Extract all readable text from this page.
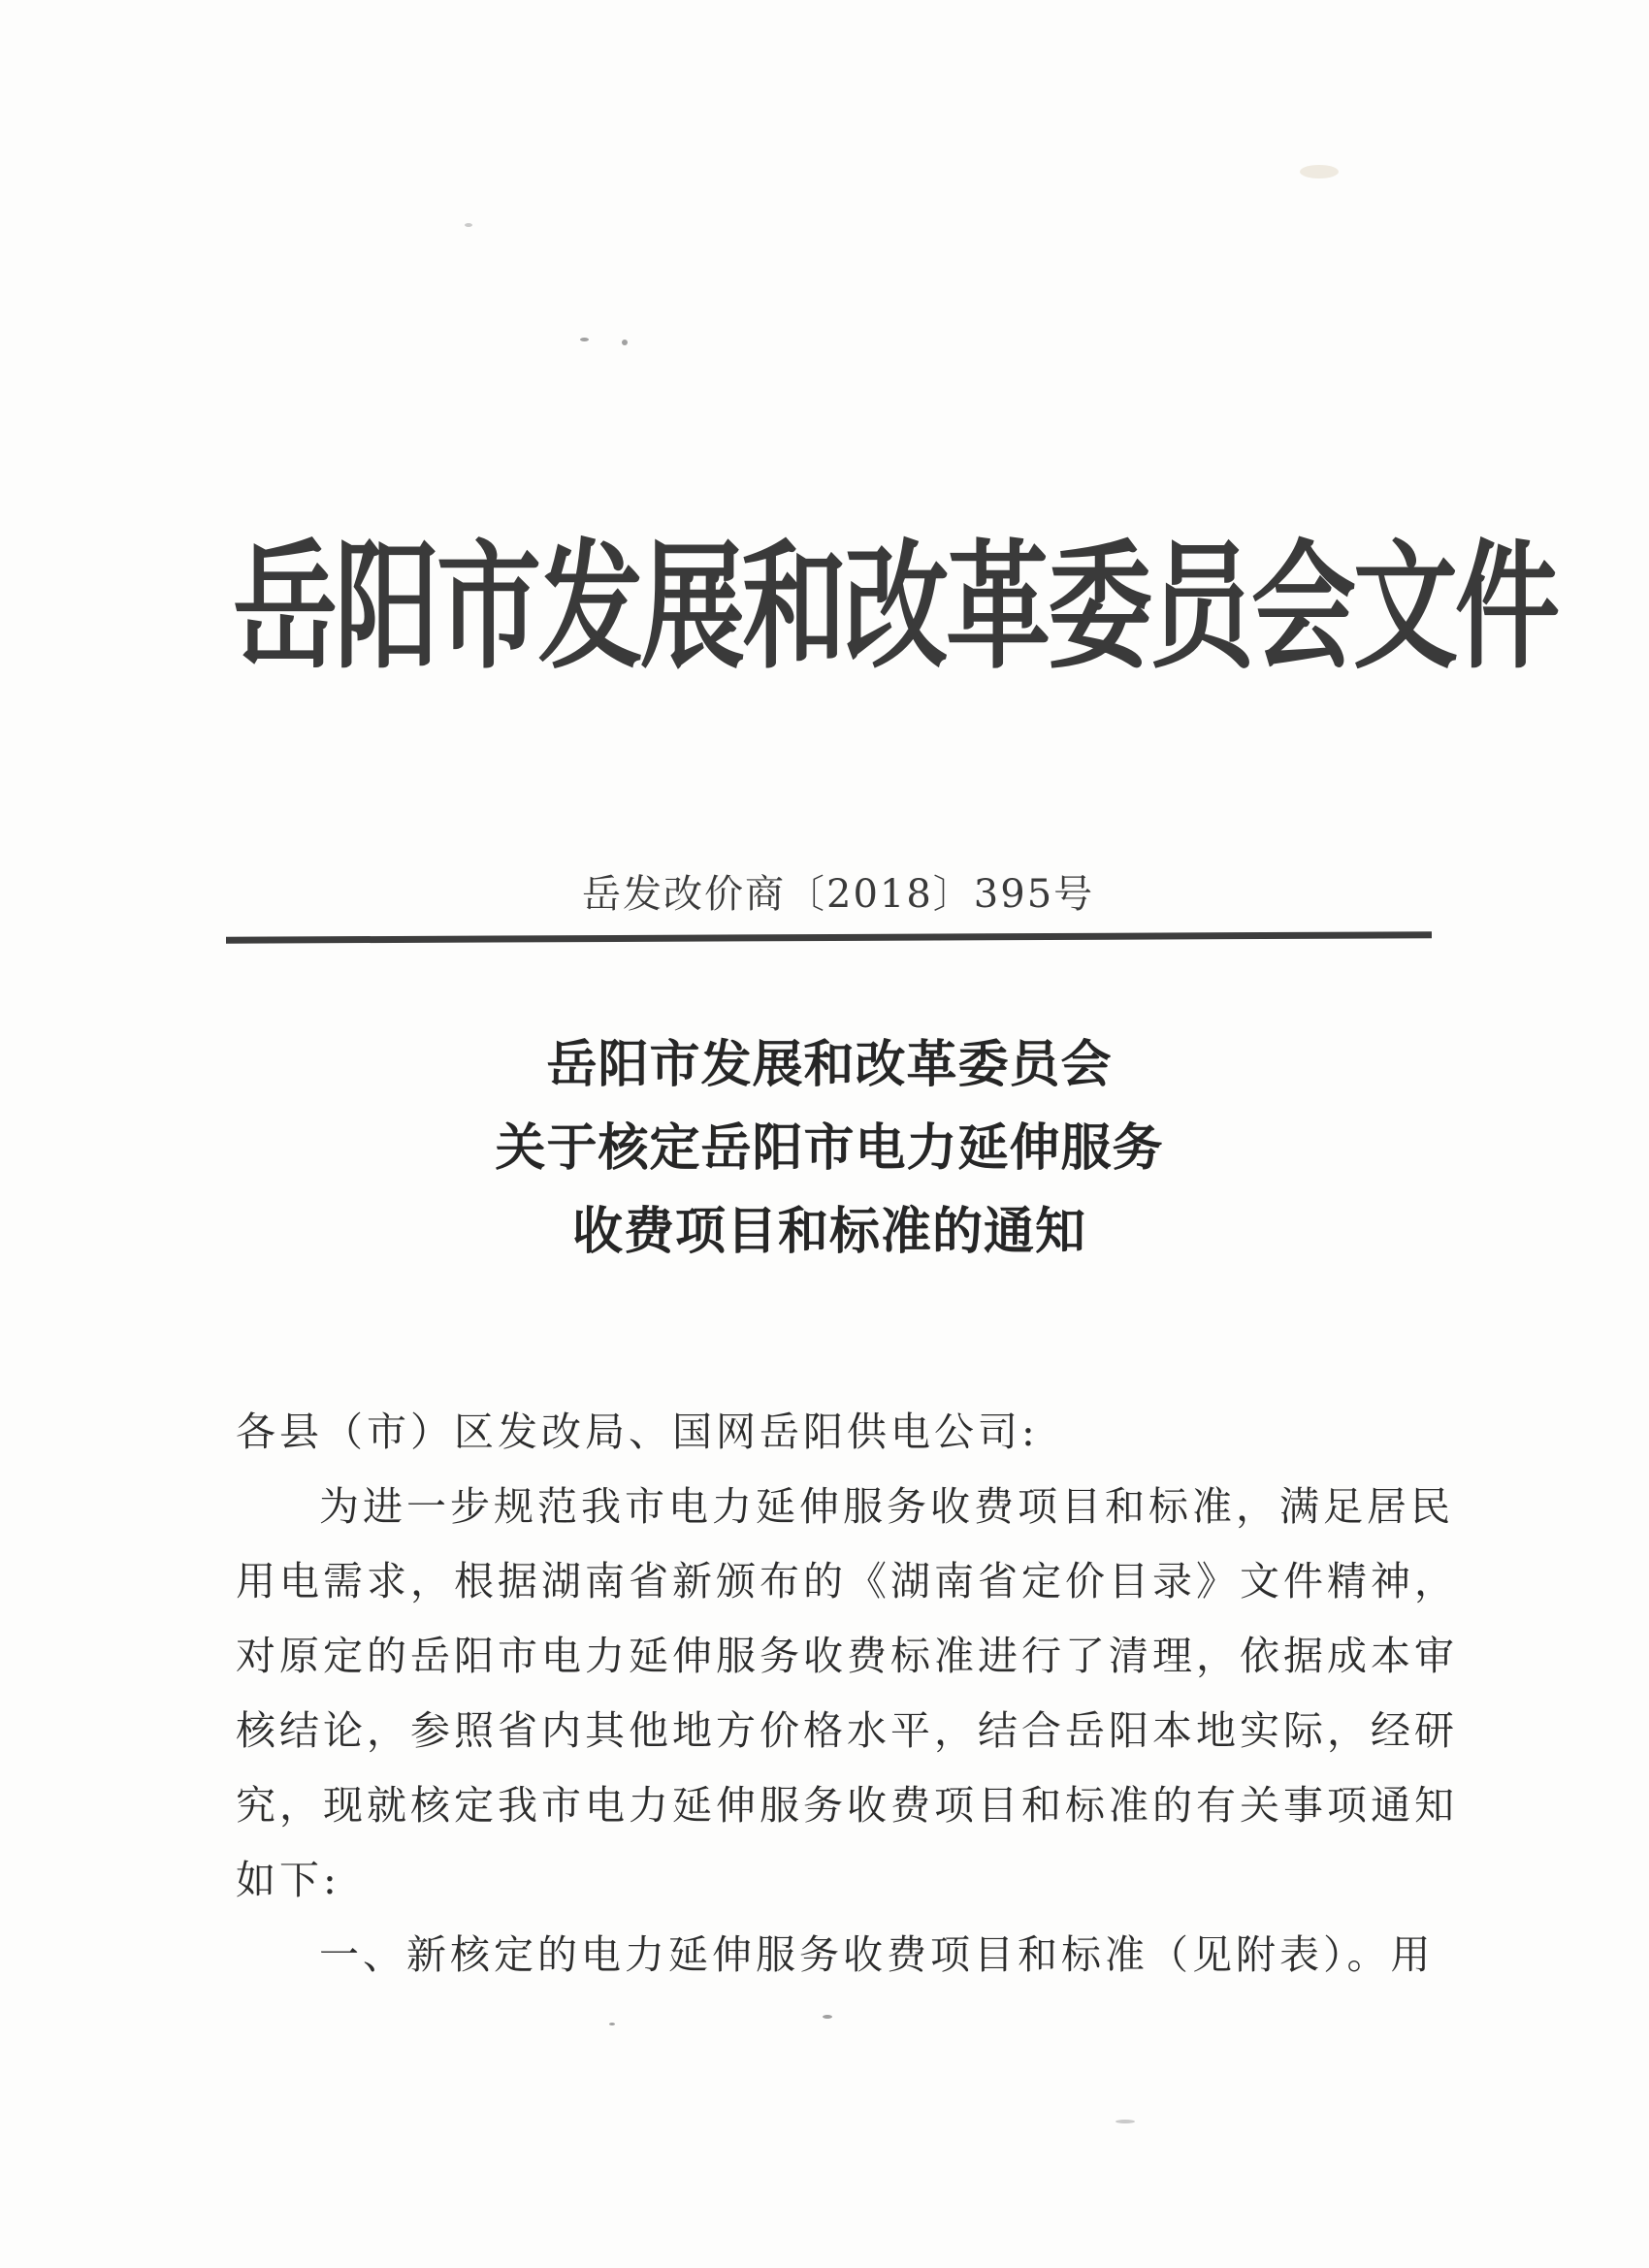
岳阳市发展和改革委员会文件
岳发改价商〔2018〕395号
岳阳市发展和改革委员会
关于核定岳阳市电力延伸服务
收费项目和标准的通知

各县（市）区发改局、国网岳阳供电公司:

为进一步规范我市电力延伸服务收费项目和标准，满足居民

用电需求，根据湖南省新颁布的《湖南省定价目录》文件精神，

对原定的岳阳市电力延伸服务收费标准进行了清理，依据成本审

核结论，参照省内其他地方价格水平，结合岳阳本地实际，经研

究，现就核定我市电力延伸服务收费项目和标准的有关事项通知

如下:

一、新核定的电力延伸服务收费项目和标准（见附表）。用
